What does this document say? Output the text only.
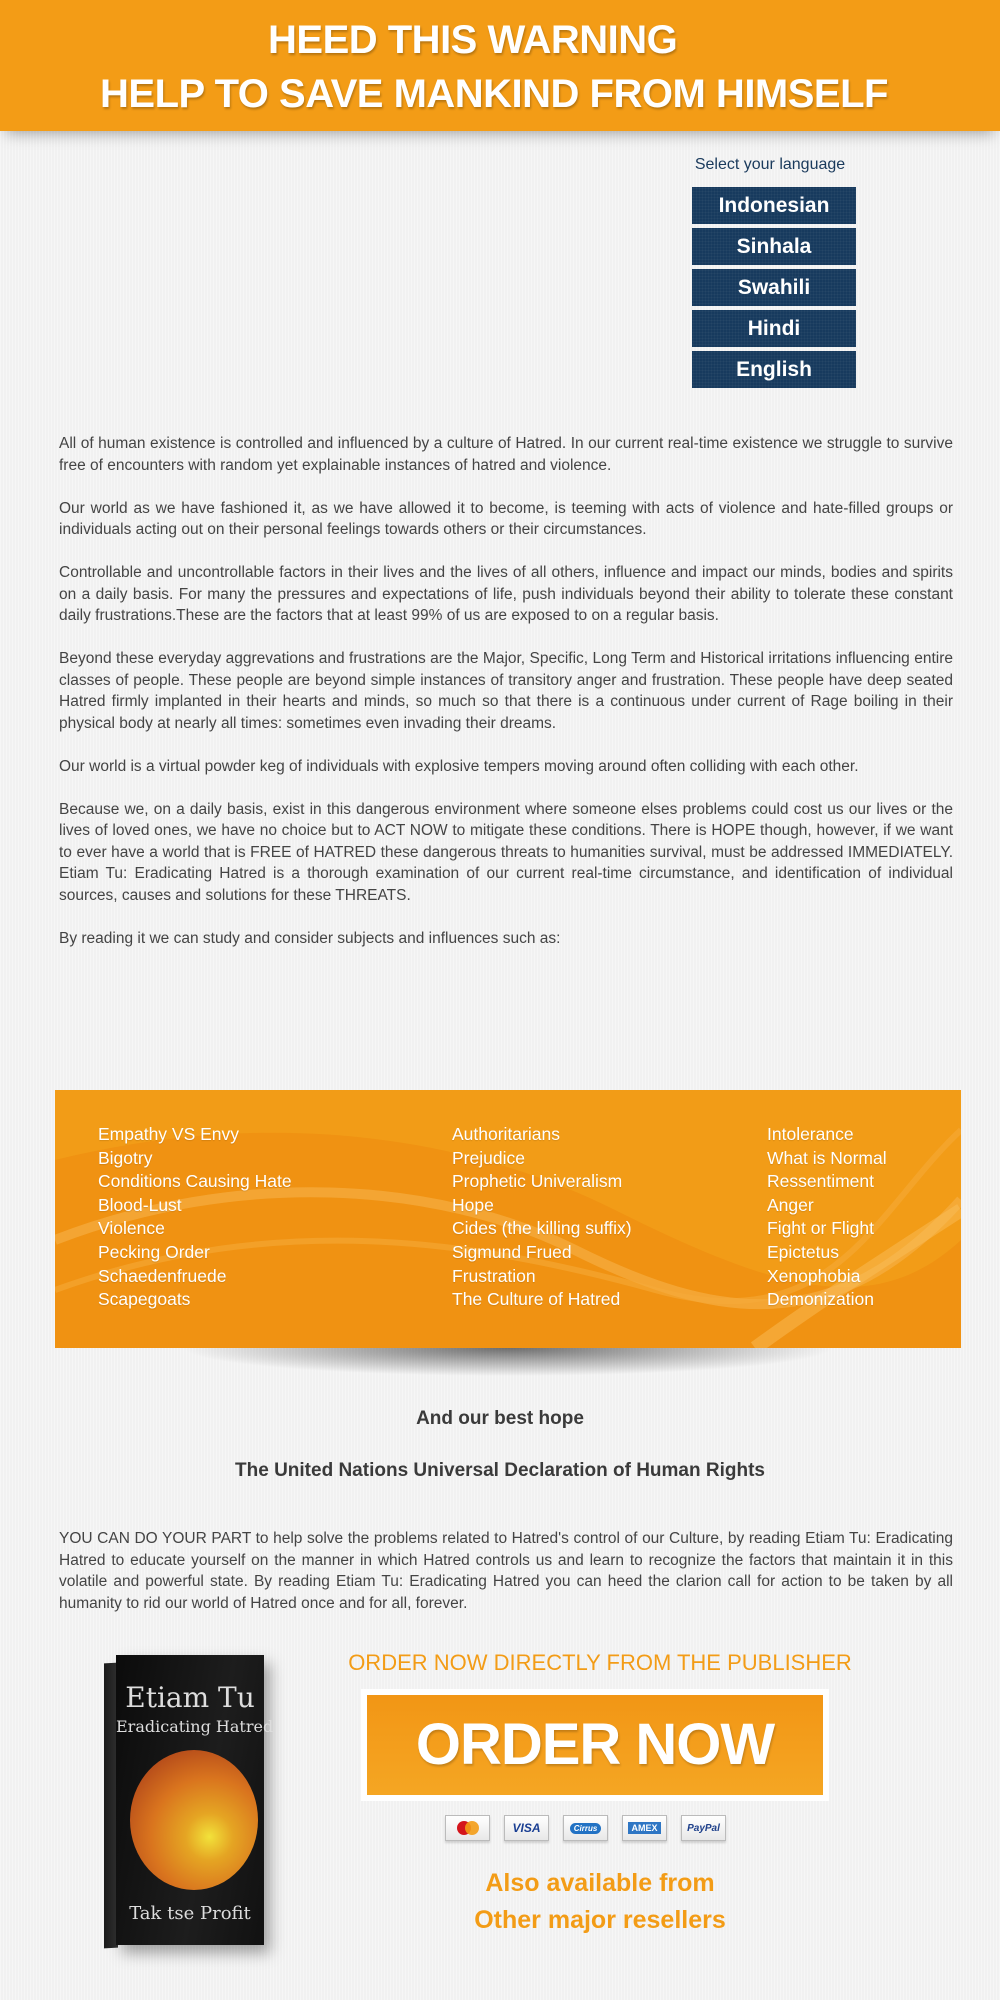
HEED THIS WARNING
HELP TO SAVE MANKIND FROM HIMSELF
Select your language
Indonesian
Sinhala
Swahili
Hindi
English

All of human existence is controlled and influenced by a culture of Hatred. In our current real-time existence we struggle to survive free of encounters with random yet explainable instances of hatred and violence.

Our world as we have fashioned it, as we have allowed it to become, is teeming with acts of violence and hate-filled groups or individuals acting out on their personal feelings towards others or their circumstances.

Controllable and uncontrollable factors in their lives and the lives of all others, influence and impact our minds, bodies and spirits on a daily basis. For many the pressures and expectations of life, push individuals beyond their ability to tolerate these constant daily frustrations.These are the factors that at least 99% of us are exposed to on a regular basis.

Beyond these everyday aggrevations and frustrations are the Major, Specific, Long Term and Historical irritations influencing entire classes of people. These people are beyond simple instances of transitory anger and frustration. These people have deep seated Hatred firmly implanted in their hearts and minds, so much so that there is a continuous under current of Rage boiling in their physical body at nearly all times: sometimes even invading their dreams.

Our world is a virtual powder keg of individuals with explosive tempers moving around often colliding with each other.

Because we, on a daily basis, exist in this dangerous environment where someone elses problems could cost us our lives or the lives of loved ones, we have no choice but to ACT NOW to mitigate these conditions. There is HOPE though, however, if we want to ever have a world that is FREE of HATRED these dangerous threats to humanities survival, must be addressed IMMEDIATELY. Etiam Tu: Eradicating Hatred is a thorough examination of our current real-time circumstance, and identification of individual sources, causes and solutions for these THREATS.

By reading it we can study and consider subjects and influences such as:

Empathy VS Envy
Bigotry
Conditions Causing Hate
Blood-Lust
Violence
Pecking Order
Schaedenfruede
Scapegoats
Authoritarians
Prejudice
Prophetic Univeralism
Hope
Cides (the killing suffix)
Sigmund Frued
Frustration
The Culture of Hatred
Intolerance
What is Normal
Ressentiment
Anger
Fight or Flight
Epictetus
Xenophobia
Demonization
And our best hope
The United Nations Universal Declaration of Human Rights
YOU CAN DO YOUR PART to help solve the problems related to Hatred's control of our Culture, by reading Etiam Tu: Eradicating Hatred to educate yourself on the manner in which Hatred controls us and learn to recognize the factors that maintain it in this volatile and powerful state. By reading Etiam Tu: Eradicating Hatred you can heed the clarion call for action to be taken by all humanity to rid our world of Hatred once and for all, forever.
Etiam Tu
Eradicating Hatred
Tak tse Profit
ORDER NOW DIRECTLY FROM THE PUBLISHER
ORDER NOW
VISA	Cirrus	AMEX	PayPal
Also available from
Other major resellers
